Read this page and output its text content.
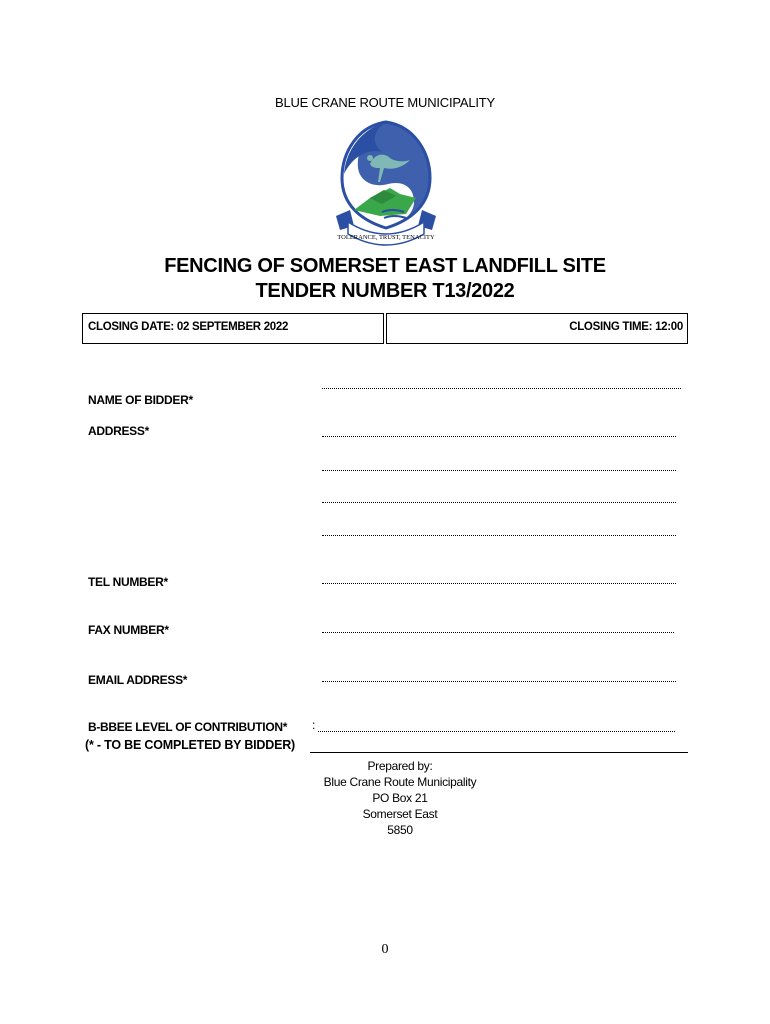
BLUE CRANE ROUTE MUNICIPALITY
TOLERANCE, TRUST, TENACITY
FENCING OF SOMERSET EAST LANDFILL SITE
TENDER NUMBER T13/2022
CLOSING DATE: 02 SEPTEMBER 2022	CLOSING TIME: 12:00
NAME OF BIDDER*
ADDRESS*
TEL NUMBER*
FAX NUMBER*
EMAIL ADDRESS*
B-BBEE LEVEL OF CONTRIBUTION* :
(* - TO BE COMPLETED BY BIDDER)
Prepared by:
Blue Crane Route Municipality
PO Box 21
Somerset East
5850
0
